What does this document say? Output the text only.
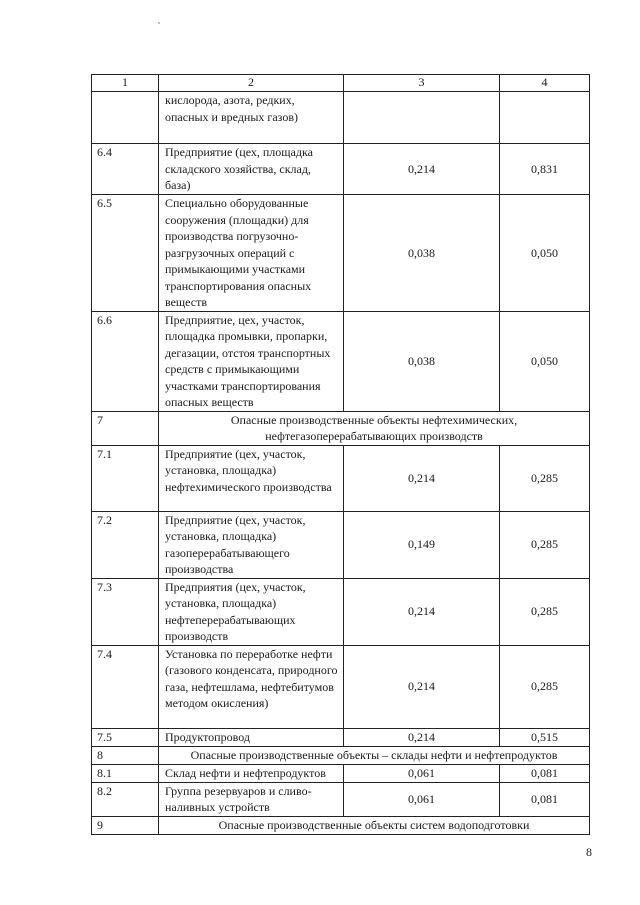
1	2	3	4
	кислорода, азота, редких, опасных и вредных газов)		
6.4	Предприятие (цех, площадка складского хозяйства, склад, база)	0,214	0,831
6.5	Специально оборудованные сооружения (площадки) для производства погрузочно-разгрузочных операций с примыкающими участками транспортирования опасных веществ	0,038	0,050
6.6	Предприятие, цех, участок, площадка промывки, пропарки, дегазации, отстоя транспортных средств с примыкающими участками транспортирования опасных веществ	0,038	0,050
7	Опасные производственные объекты нефтехимических, нефтегазоперерабатывающих производств		
7.1	Предприятие (цех, участок, установка, площадка) нефтехимического производства	0,214	0,285
7.2	Предприятие (цех, участок, установка, площадка) газоперерабатывающего производства	0,149	0,285
7.3	Предприятия (цех, участок, установка, площадка) нефтеперерабатывающих производств	0,214	0,285
7.4	Установка по переработке нефти (газового конденсата, природного газа, нефтешлама, нефтебитумов методом окисления)	0,214	0,285
7.5	Продуктопровод	0,214	0,515
8	Опасные производственные объекты – склады нефти и нефтепродуктов		
8.1	Склад нефти и нефтепродуктов	0,061	0,081
8.2	Группа резервуаров и сливо-наливных устройств	0,061	0,081
9	Опасные производственные объекты систем водоподготовки		
8
